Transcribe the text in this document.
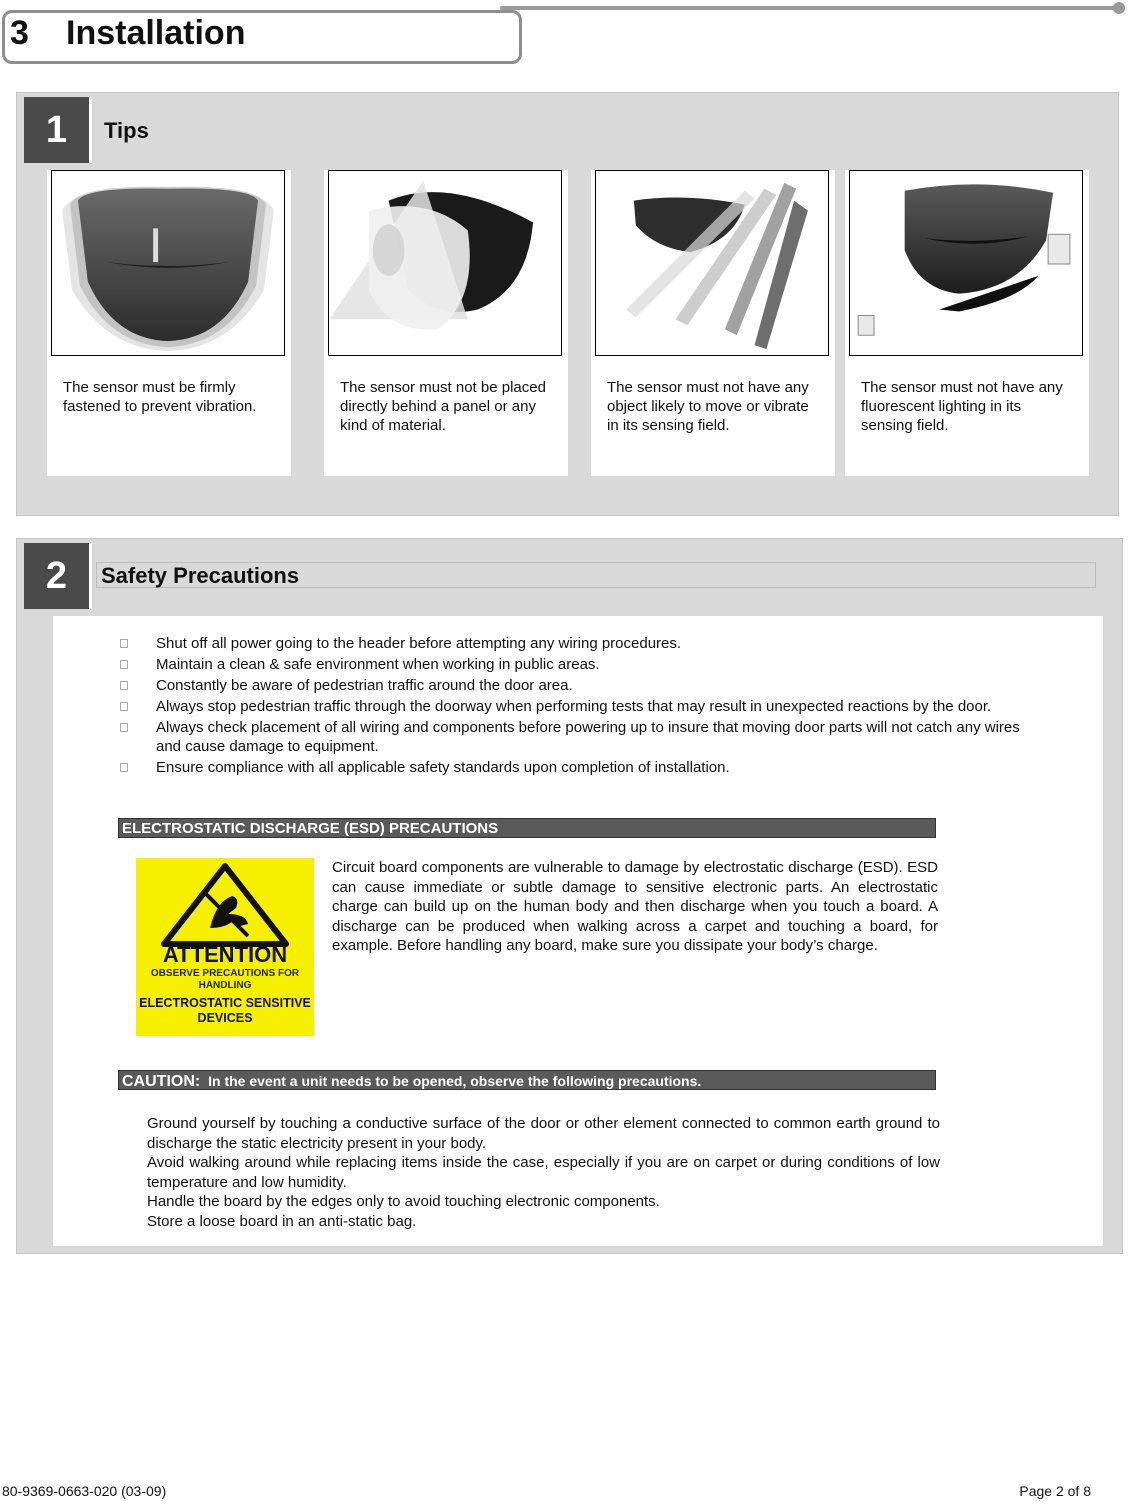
3 Installation
1	Tips
The sensor must be firmly fastened to prevent vibration.
The sensor must not be placed directly behind a panel or any kind of material.
The sensor must not have any object likely to move or vibrate in its sensing field.
The sensor must not have any fluorescent lighting in its sensing field.
2	Safety Precautions
Shut off all power going to the header before attempting any wiring procedures.
Maintain a clean & safe environment when working in public areas.
Constantly be aware of pedestrian traffic around the door area.
Always stop pedestrian traffic through the doorway when performing tests that may result in unexpected reactions by the door.
Always check placement of all wiring and components before powering up to insure that moving door parts will not catch any wires and cause damage to equipment.
Ensure compliance with all applicable safety standards upon completion of installation.
ELECTROSTATIC DISCHARGE (ESD) PRECAUTIONS
ATTENTION
OBSERVE PRECAUTIONS FOR HANDLING
ELECTROSTATIC SENSITIVE DEVICES
Circuit board components are vulnerable to damage by electrostatic discharge (ESD). ESD can cause immediate or subtle damage to sensitive electronic parts. An electrostatic charge can build up on the human body and then discharge when you touch a board. A discharge can be produced when walking across a carpet and touching a board, for example. Before handling any board, make sure you dissipate your body’s charge.
CAUTION: In the event a unit needs to be opened, observe the following precautions.

Ground yourself by touching a conductive surface of the door or other element connected to common earth ground to discharge the static electricity present in your body.

Avoid walking around while replacing items inside the case, especially if you are on carpet or during conditions of low temperature and low humidity.

Handle the board by the edges only to avoid touching electronic components.

Store a loose board in an anti-static bag.

80-9369-0663-020 (03-09)	Page 2 of 8
